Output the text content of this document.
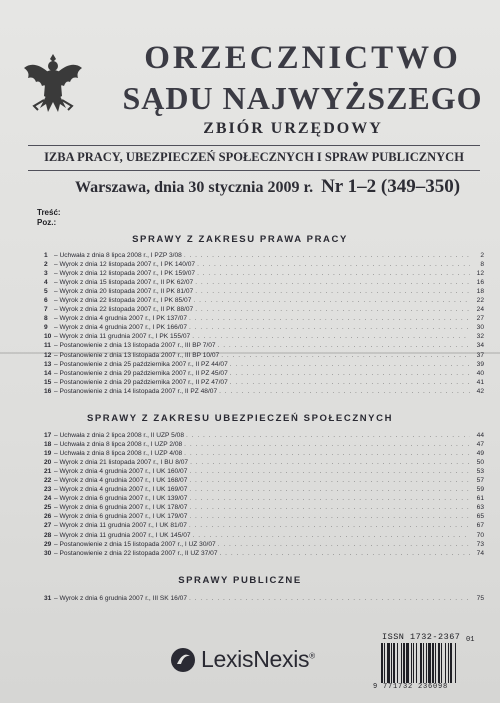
ORZECZNICTWO
SĄDU NAJWYŻSZEGO
ZBIÓR URZĘDOWY
IZBA PRACY, UBEZPIECZEŃ SPOŁECZNYCH I SPRAW PUBLICZNYCH
Warszawa, dnia 30 stycznia 2009 r. Nr 1–2 (349–350)
Treść:
Poz.:
SPRAWY Z ZAKRESU PRAWA PRACY
1 – Uchwała z dnia 8 lipca 2008 r., I PZP 3/08 . . .	2
2 – Wyrok z dnia 12 listopada 2007 r., I PK 140/07 . . .	8
3 – Wyrok z dnia 12 listopada 2007 r., I PK 159/07 . . .	12
4 – Wyrok z dnia 15 listopada 2007 r., II PK 62/07 . . .	16
5 – Wyrok z dnia 20 listopada 2007 r., II PK 81/07 . . .	18
6 – Wyrok z dnia 22 listopada 2007 r., I PK 85/07 . . .	22
7 – Wyrok z dnia 22 listopada 2007 r., II PK 88/07 . . .	24
8 – Wyrok z dnia 4 grudnia 2007 r., I PK 137/07 . . .	27
9 – Wyrok z dnia 4 grudnia 2007 r., I PK 166/07 . . .	30
10 – Wyrok z dnia 11 grudnia 2007 r., I PK 155/07 . . .	32
11 – Postanowienie z dnia 13 listopada 2007 r., III BP 7/07 . . .	34
12 – Postanowienie z dnia 13 listopada 2007 r., III BP 10/07 . . .	37
13 – Postanowienie z dnia 25 października 2007 r., II PZ 44/07 . . .	39
14 – Postanowienie z dnia 29 października 2007 r., II PZ 45/07 . . .	40
15 – Postanowienie z dnia 29 października 2007 r., II PZ 47/07 . . .	41
16 – Postanowienie z dnia 14 listopada 2007 r., II PZ 48/07 . . .	42
SPRAWY Z ZAKRESU UBEZPIECZEŃ SPOŁECZNYCH
17 – Uchwała z dnia 2 lipca 2008 r., II UZP 5/08 . . .	44
18 – Uchwała z dnia 8 lipca 2008 r., I UZP 2/08 . . .	47
19 – Uchwała z dnia 8 lipca 2008 r., I UZP 4/08 . . .	49
20 – Wyrok z dnia 21 listopada 2007 r., I BU 8/07 . . .	50
21 – Wyrok z dnia 4 grudnia 2007 r., I UK 160/07 . . .	53
22 – Wyrok z dnia 4 grudnia 2007 r., I UK 168/07 . . .	57
23 – Wyrok z dnia 4 grudnia 2007 r., I UK 169/07 . . .	59
24 – Wyrok z dnia 6 grudnia 2007 r., I UK 139/07 . . .	61
25 – Wyrok z dnia 6 grudnia 2007 r., I UK 178/07 . . .	63
26 – Wyrok z dnia 6 grudnia 2007 r., I UK 179/07 . . .	65
27 – Wyrok z dnia 11 grudnia 2007 r., I UK 81/07 . . .	67
28 – Wyrok z dnia 11 grudnia 2007 r., I UK 145/07 . . .	70
29 – Postanowienie z dnia 15 listopada 2007 r., I UZ 30/07 . . .	73
30 – Postanowienie z dnia 22 listopada 2007 r., II UZ 37/07 . . .	74
SPRAWY PUBLICZNE
31 – Wyrok z dnia 6 grudnia 2007 r., III SK 16/07 . . .	75
LexisNexis®
ISSN 1732-2367 01
9 771732 236098
